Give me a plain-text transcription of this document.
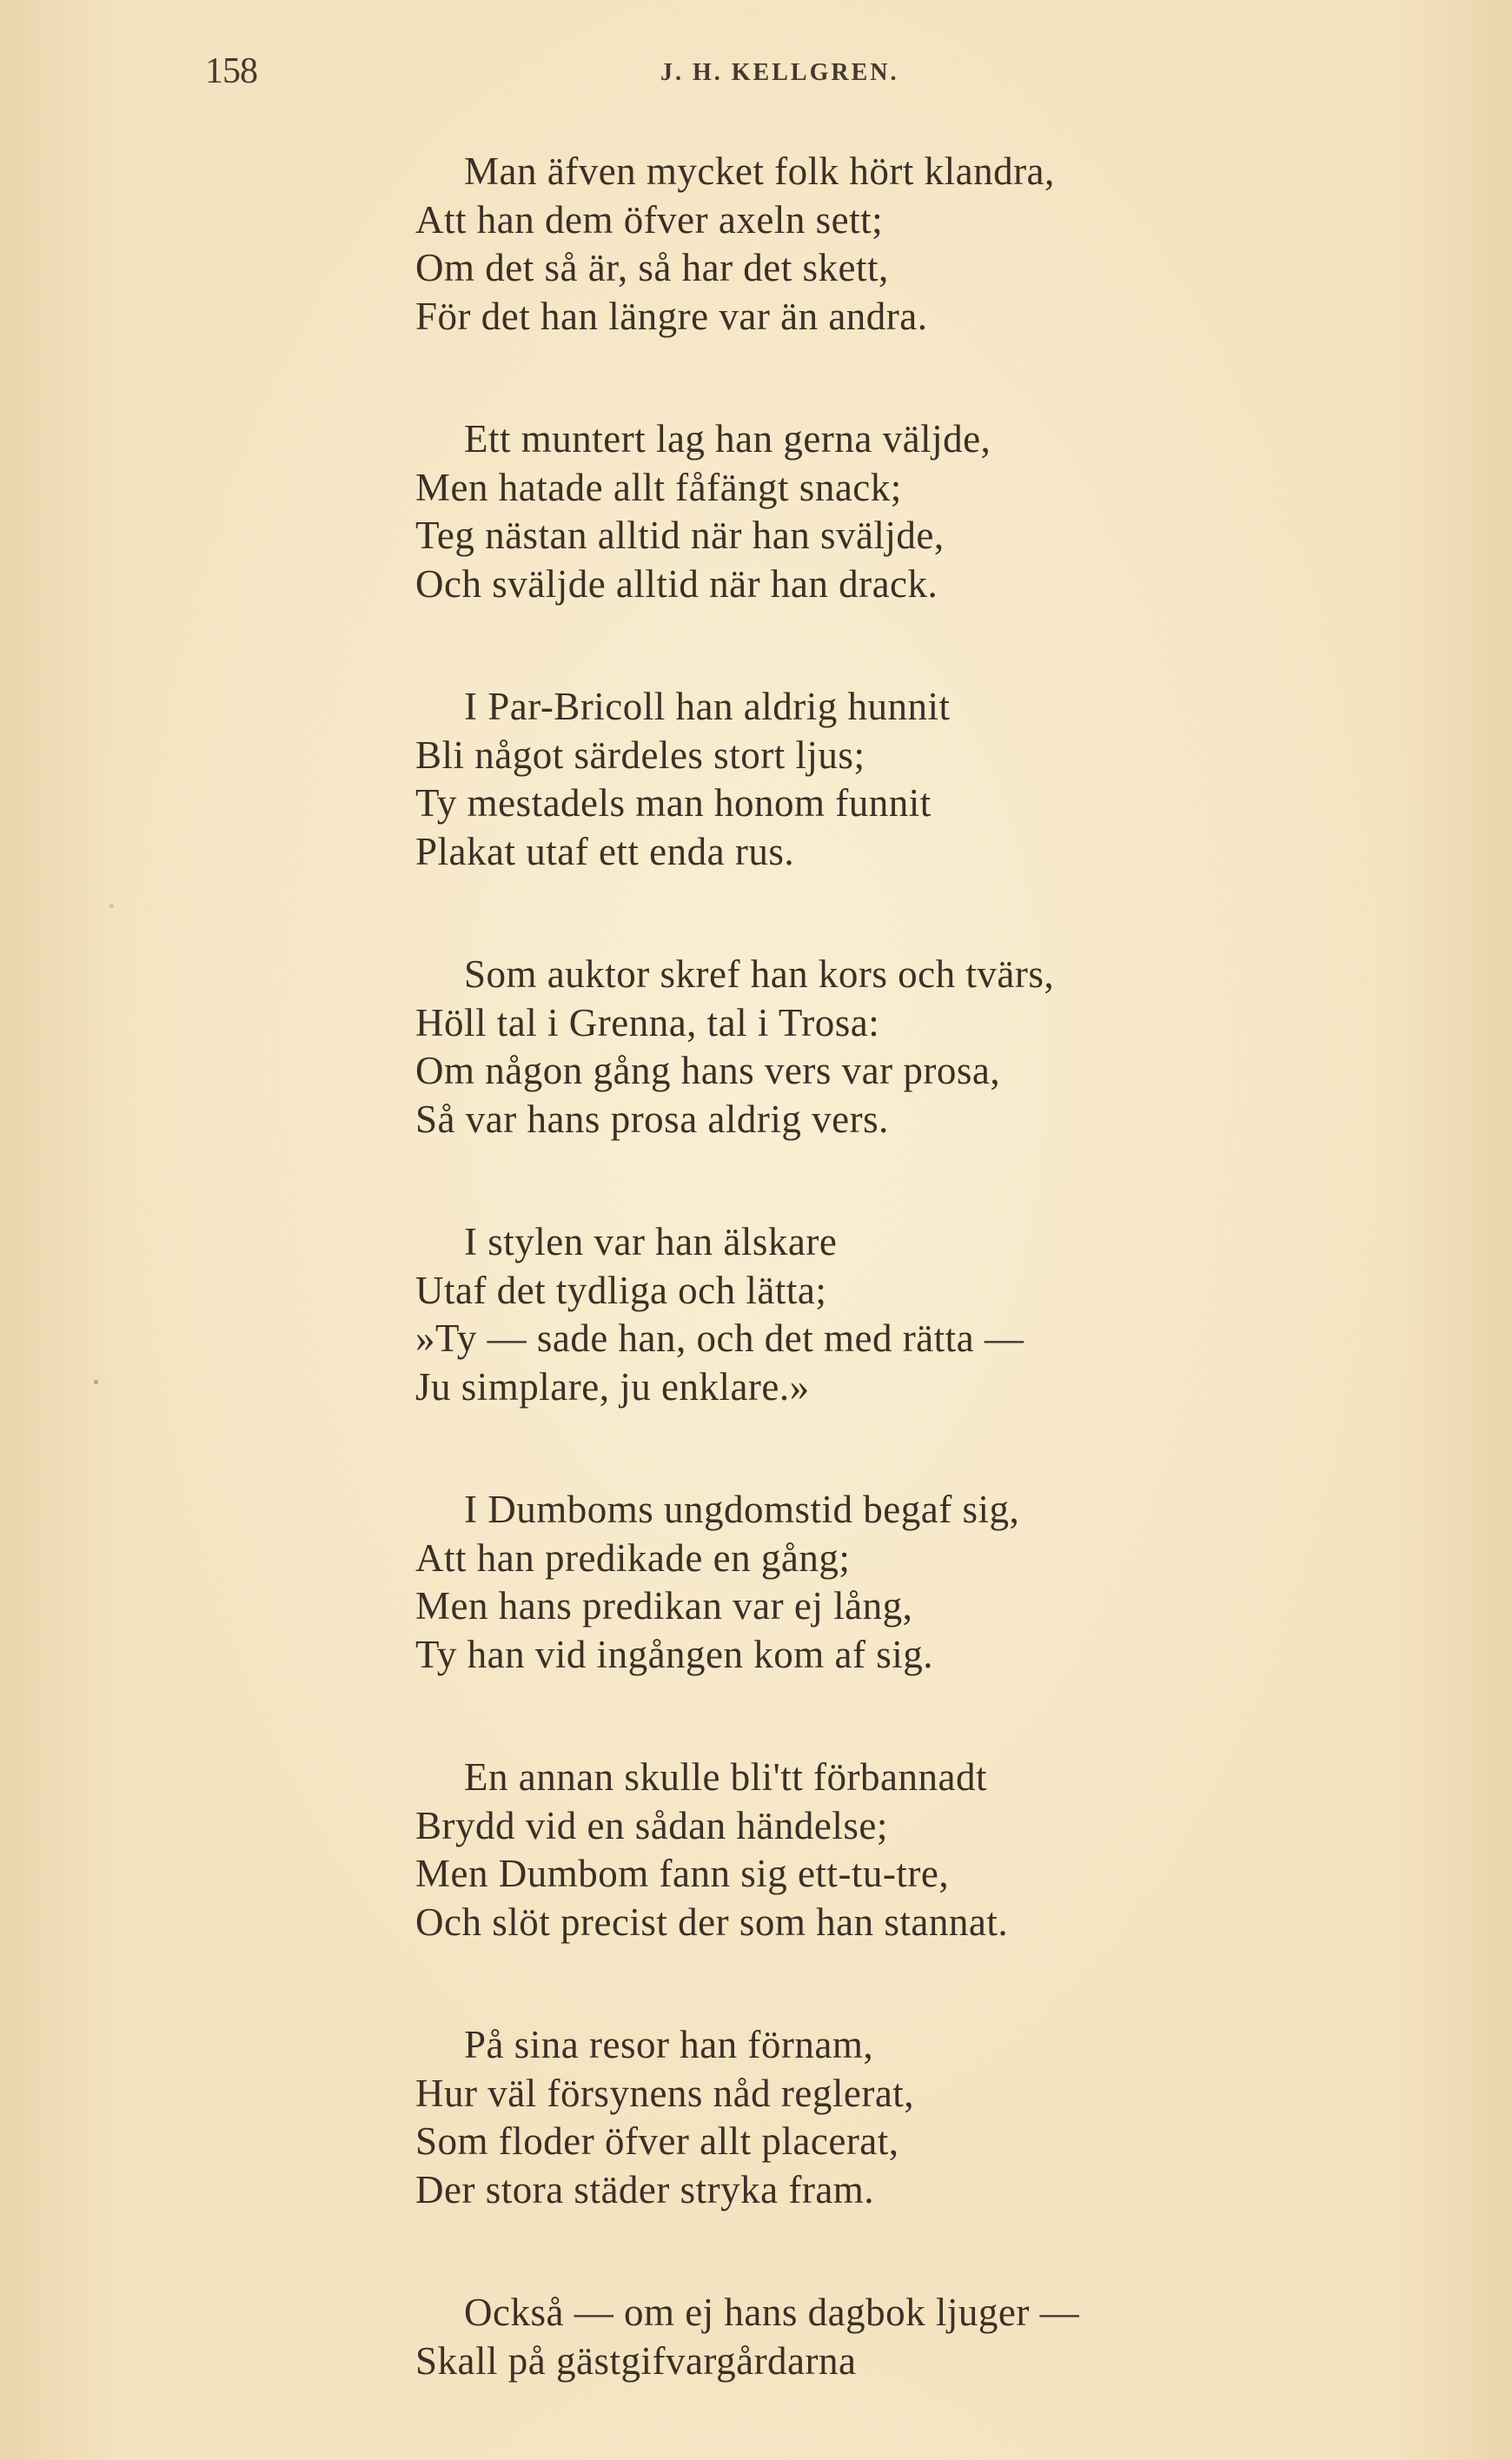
158	J. H. KELLGREN.
Man äfven mycket folk hört klandra,
Att han dem öfver axeln sett;
Om det så är, så har det skett,
För det han längre var än andra.
Ett muntert lag han gerna väljde,
Men hatade allt fåfängt snack;
Teg nästan alltid när han sväljde,
Och sväljde alltid när han drack.
I Par-Bricoll han aldrig hunnit
Bli något särdeles stort ljus;
Ty mestadels man honom funnit
Plakat utaf ett enda rus.
Som auktor skref han kors och tvärs,
Höll tal i Grenna, tal i Trosa:
Om någon gång hans vers var prosa,
Så var hans prosa aldrig vers.
I stylen var han älskare
Utaf det tydliga och lätta;
»Ty — sade han, och det med rätta —
Ju simplare, ju enklare.»
I Dumboms ungdomstid begaf sig,
Att han predikade en gång;
Men hans predikan var ej lång,
Ty han vid ingången kom af sig.
En annan skulle bli'tt förbannadt
Brydd vid en sådan händelse;
Men Dumbom fann sig ett-tu-tre,
Och slöt precist der som han stannat.
På sina resor han förnam,
Hur väl försynens nåd reglerat,
Som floder öfver allt placerat,
Der stora städer stryka fram.
Också — om ej hans dagbok ljuger —
Skall på gästgifvargårdarna
